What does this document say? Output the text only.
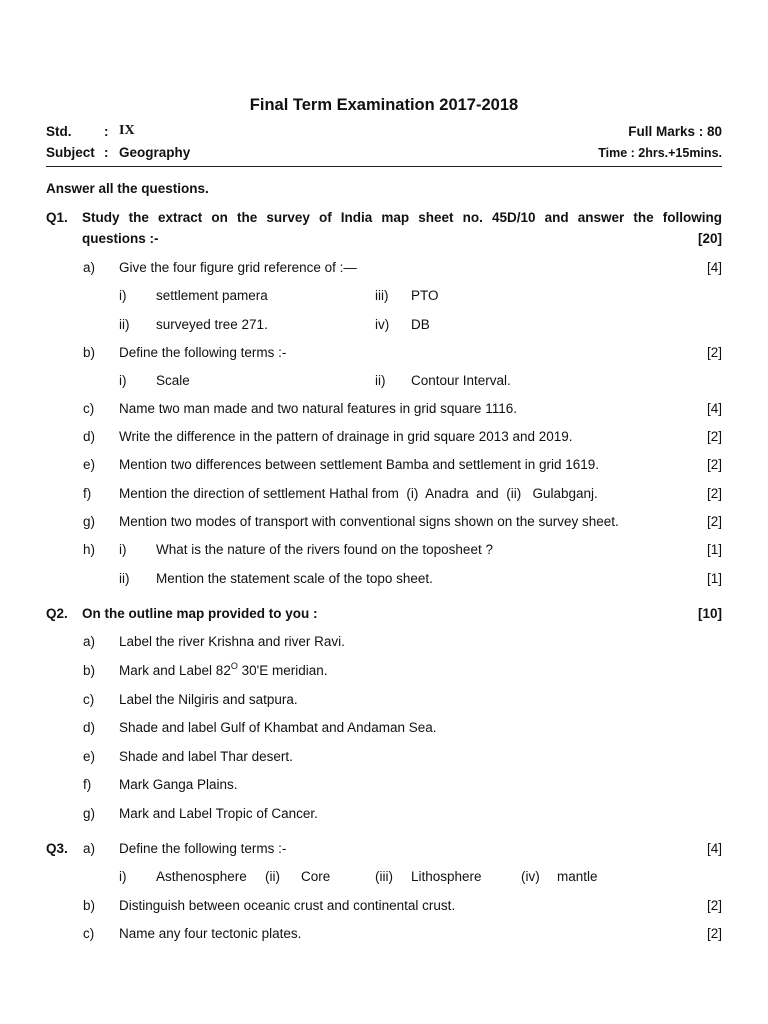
Final Term Examination 2017-2018
Std. : IX
Subject : Geography
Full Marks : 80
Time : 2hrs.+15mins.
Answer all the questions.
Q1. Study the extract on the survey of India map sheet no. 45D/10 and answer the following
questions :-	[20]
a) Give the four figure grid reference of :—	[4]
i) settlement pamera	iii) PTO
ii) surveyed tree 271.	iv) DB
b) Define the following terms :-	[2]
i) Scale	ii) Contour Interval.
c) Name two man made and two natural features in grid square 1116.	[4]
d) Write the difference in the pattern of drainage in grid square 2013 and 2019.	[2]
e) Mention two differences between settlement Bamba and settlement in grid 1619.	[2]
f) Mention the direction of settlement Hathal from  (i)  Anadra  and  (ii)   Gulabganj.	[2]
g) Mention two modes of transport with conventional signs shown on the survey sheet.	[2]
h) i) What is the nature of the rivers found on the toposheet ?	[1]
ii) Mention the statement scale of the topo sheet.	[1]
Q2. On the outline map provided to you :	[10]
a) Label the river Krishna and river Ravi.
b) Mark and Label $82^O$ 30'E meridian.
c) Label the Nilgiris and satpura.
d) Shade and label Gulf of Khambat and Andaman Sea.
e) Shade and label Thar desert.
f) Mark Ganga Plains.
g) Mark and Label Tropic of Cancer.
Q3. a) Define the following terms :-	[4]
i) Asthenosphere (ii) Core	(iii) Lithosphere	(iv) mantle
b) Distinguish between oceanic crust and continental crust.	[2]
c) Name any four tectonic plates.	[2]
